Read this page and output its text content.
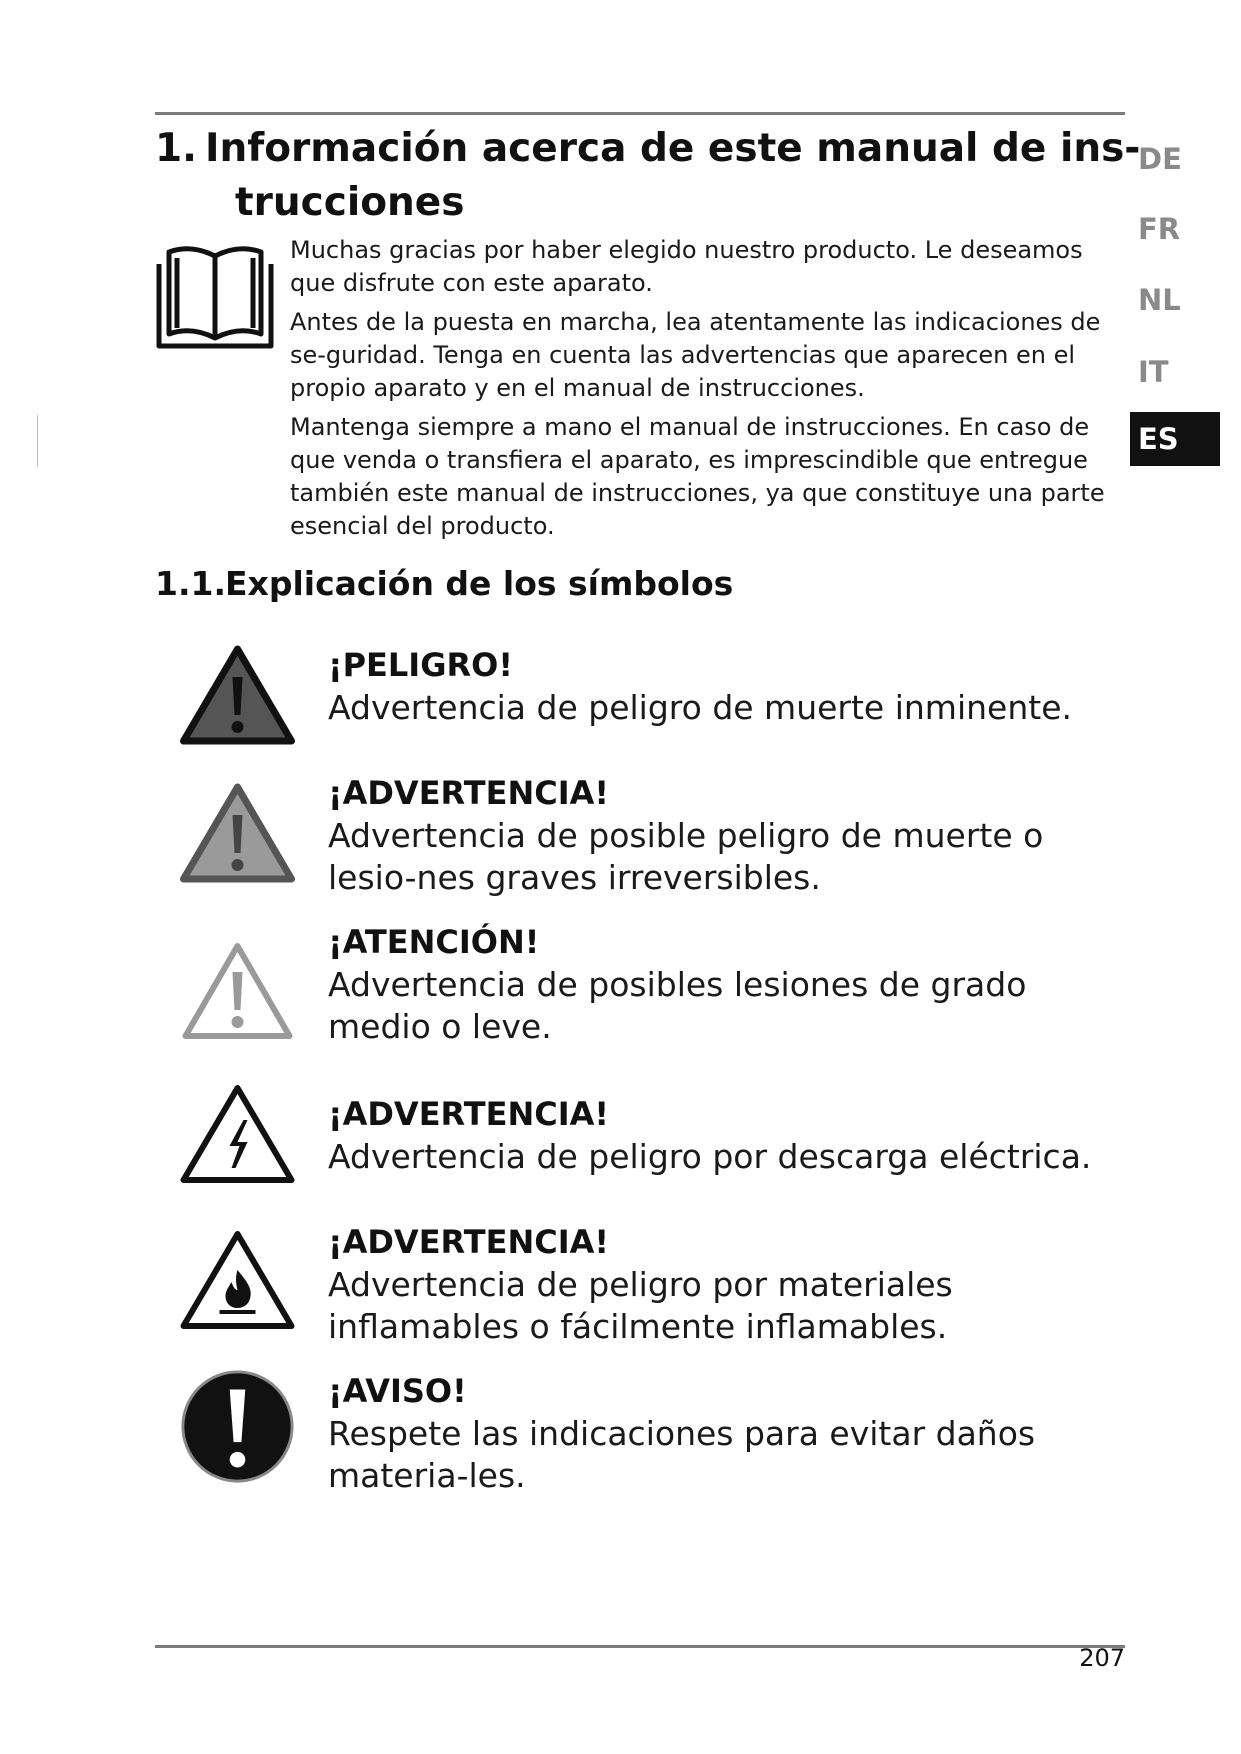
1. Información acerca de este manual de ins-
trucciones

Muchas gracias por haber elegido nuestro producto. Le deseamos que disfrute con este aparato.

Antes de la puesta en marcha, lea atentamente las indicaciones de se-guridad. Tenga en cuenta las advertencias que aparecen en el propio aparato y en el manual de instrucciones.

Mantenga siempre a mano el manual de instrucciones. En caso de que venda o transfiera el aparato, es imprescindible que entregue también este manual de instrucciones, ya que constituye una parte esencial del producto.

1.1.Explicación de los símbolos
DE
FR
NL
IT
ES
¡PELIGRO!
Advertencia de peligro de muerte inminente.
¡ADVERTENCIA!
Advertencia de posible peligro de muerte o lesio-nes graves irreversibles.
¡ATENCIÓN!
Advertencia de posibles lesiones de grado medio o leve.
¡ADVERTENCIA!
Advertencia de peligro por descarga eléctrica.
¡ADVERTENCIA!
Advertencia de peligro por materiales inflamables o fácilmente inflamables.
¡AVISO!
Respete las indicaciones para evitar daños materia-les.
207
